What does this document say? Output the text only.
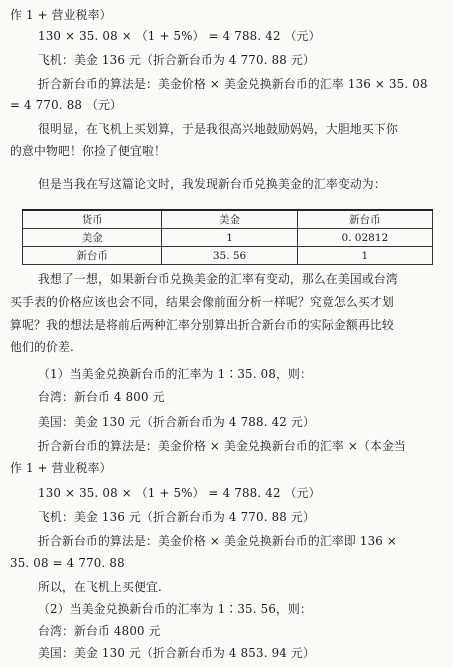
作 1 + 营业税率）
130 × 35. 08 × （1 + 5%） = 4 788. 42 （元）
飞机：美金 136 元（折合新台币为 4 770. 88 元）
折合新台币的算法是：美金价格 × 美金兑换新台币的汇率 136 × 35. 08
= 4 770. 88 （元）
很明显，在飞机上买划算，于是我很高兴地鼓励妈妈，大胆地买下你
的意中物吧！你捡了便宜啦！
但是当我在写这篇论文时，我发现新台币兑换美金的汇率变动为：
货币	美金	新台币
美金	1	0. 02812
新台币	35. 56	1
我想了一想，如果新台币兑换美金的汇率有变动，那么在美国或台湾
买手表的价格应该也会不同，结果会像前面分析一样呢？究竟怎么买才划
算呢？我的想法是将前后两种汇率分别算出折合新台币的实际金额再比较
他们的价差.
（1）当美金兑换新台币的汇率为 1∶35. 08，则：
台湾：新台币 4 800 元
美国：美金 130 元（折合新台币为 4 788. 42 元）
折合新台币的算法是：美金价格 × 美金兑换新台币的汇率 ×（本金当
作 1 + 营业税率）
130 × 35. 08 × （1 + 5%） = 4 788. 42 （元）
飞机：美金 136 元（折合新台币为 4 770. 88 元）
折合新台币的算法是：美金价格 × 美金兑换新台币的汇率即 136 ×
35. 08 = 4 770. 88
所以，在飞机上买便宜.
（2）当美金兑换新台币的汇率为 1∶35. 56，则：
台湾：新台币 4800 元
美国：美金 130 元（折合新台币为 4 853. 94 元）
